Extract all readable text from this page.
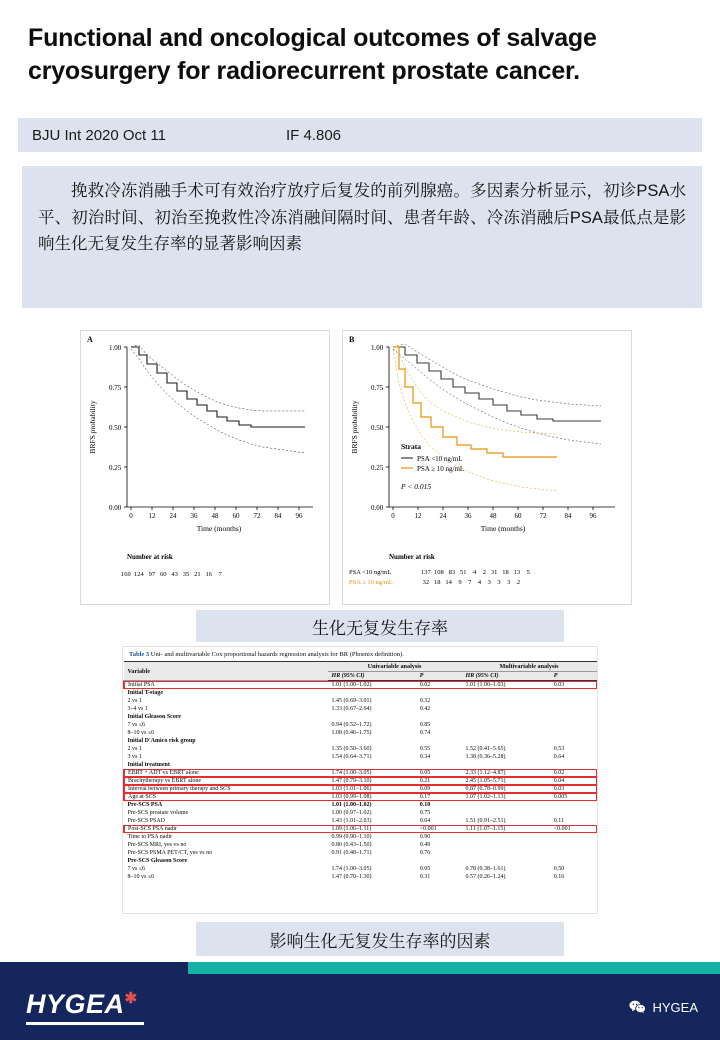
Functional and oncological outcomes of salvage cryosurgery for radiorecurrent prostate cancer.
BJU Int 2020 Oct 11	IF 4.806

挽救冷冻消融手术可有效治疗放疗后复发的前列腺癌。多因素分析显示，初诊PSA水平、初治时间、初治至挽救性冷冻消融间隔时间、患者年龄、冷冻消融后PSA最低点是影响生化无复发生存率的显著影响因素

A
1.00
0.75
0.50
0.25
0.00
0 12 24 36 48 60 72 84 96
BRFS probability
Time (months)
Number at risk
169  124   97   60   43   35   21   16    7
B
1.00
0.75
0.50
0.25
0.00
0	12	24	36	48	60	72	84	96
BRFS probability
Time (months)
Strata
PSA <10 ng/mL
PSA ≥ 10 ng/mL
P < 0.015
Number at risk
PSA <10 ng/mL	137  108   83   51    4    2   31   18   13    5
PSA ≥ 10 ng/mL	32   18   14    9    7    4    3    3    3    2
生化无复发生存率
Table 3 Uni- and multivariable Cox proportional hazards regression analysis for BR (Phoenix definition).
Variable	Univariable analysis		Multivariable analysis	
	HR (95% CI)	P	HR (95% CI)	P
Initial PSA	1.01 (1.00–1.02)	0.02	1.01 (1.00–1.03)	0.03
Initial T-stage				
2 vs 1	1.45 (0.69–3.01)	0.32		
3–4 vs 1	1.33 (0.67–2.64)	0.42		
Initial Gleason Score				
7 vs ≤6	0.94 (0.52–1.72)	0.85		
8–10 vs ≤6	1.08 (0.46–1.75)	0.74		
Initial D'Amico risk group				
2 vs 1	1.35 (0.50–3.60)	0.55	1.52 (0.41–5.65)	0.53
3 vs 1	1.54 (0.64–3.71)	0.34	1.38 (0.36–5.28)	0.64
Initial treatment				
EBRT + ADT vs EBRT alone	1.74 (1.00–3.05)	0.05	2.33 (1.12–4.87)	0.02
Brachytherapy vs EBRT alone	1.47 (0.79–3.10)	0.21	2.45 (1.05–5.71)	0.04
Interval between primary therapy and SCS	1.03 (1.01–1.06)	0.09	0.87 (0.78–0.99)	0.03
Age at SCS	1.03 (0.99–1.08)	0.17	1.07 (1.02–1.13)	0.005
Pre-SCS PSA	1.01 (1.00–1.02)	0.10		
Pre-SCS prostate volume	1.00 (0.97–1.02)	0.75		
Pre-SCS PSAD	1.43 (1.01–2.03)	0.04	1.51 (0.91–2.51)	0.11
Post-SCS PSA nadir	1.09 (1.06–1.11)	<0.001	1.11 (1.07–1.15)	<0.001
Time to PSA nadir	0.99 (0.90–1.10)	0.90		
Pre-SCS MRI, yes vs no	0.80 (0.43–1.50)	0.49		
Pre-SCS PSMA PET/CT, yes vs no	0.91 (0.48–1.71)	0.76		
Pre-SCS Gleason Score				
7 vs ≤6	1.74 (1.00–3.05)	0.05	0.78 (0.38–1.61)	0.50
8–10 vs ≤6	1.47 (0.70–1.30)	0.31	0.57 (0.26–1.24)	0.16
影响生化无复发生存率的因素
HYGEA✱	HYGEA
